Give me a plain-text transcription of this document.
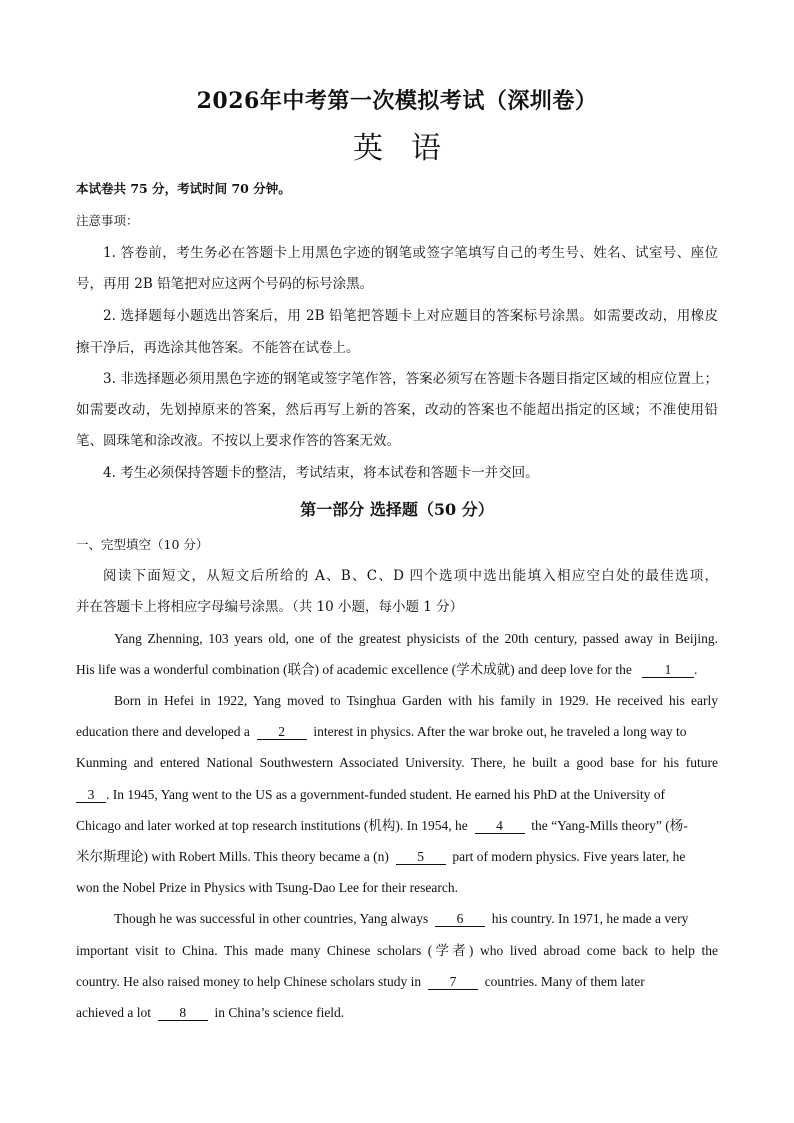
2026年中考第一次模拟考试（深圳卷）
英语
本试卷共 75 分，考试时间 70 分钟。
注意事项：
1. 答卷前，考生务必在答题卡上用黑色字迹的钢笔或签字笔填写自己的考生号、姓名、试室号、座位
号，再用 2B 铅笔把对应这两个号码的标号涂黑。
2. 选择题每小题选出答案后，用 2B 铅笔把答题卡上对应题目的答案标号涂黑。如需要改动，用橡皮
擦干净后，再选涂其他答案。不能答在试卷上。
3. 非选择题必须用黑色字迹的钢笔或签字笔作答，答案必须写在答题卡各题目指定区域的相应位置上；
如需要改动，先划掉原来的答案，然后再写上新的答案，改动的答案也不能超出指定的区域；不准使用铅
笔、圆珠笔和涂改液。不按以上要求作答的答案无效。
4. 考生必须保持答题卡的整洁，考试结束，将本试卷和答题卡一并交回。
第一部分 选择题（50 分）
一、完型填空（10 分）
阅读下面短文，从短文后所给的 A、B、C、D 四个选项中选出能填入相应空白处的最佳选项，
并在答题卡上将相应字母编号涂黑。（共 10 小题，每小题 1 分）
Yang Zhenning, 103 years old, one of the greatest physicists of the 20th century, passed away in Beijing.
His life was a wonderful combination (联合) of academic excellence (学术成就) and deep love for the 1 .
Born in Hefei in 1922, Yang moved to Tsinghua Garden with his family in 1929. He received his early
education there and developed a 2 interest in physics. After the war broke out, he traveled a long way to
Kunming and entered National Southwestern Associated University. There, he built a good base for his future
3 . In 1945, Yang went to the US as a government-funded student. He earned his PhD at the University of
Chicago and later worked at top research institutions (机构). In 1954, he 4 the “Yang-Mills theory” (杨-
米尔斯理论) with Robert Mills. This theory became a (n) 5 part of modern physics. Five years later, he
won the Nobel Prize in Physics with Tsung-Dao Lee for their research.
Though he was successful in other countries, Yang always 6 his country. In 1971, he made a very
important visit to China. This made many Chinese scholars (学者) who lived abroad come back to help the
country. He also raised money to help Chinese scholars study in 7 countries. Many of them later
achieved a lot 8 in China’s science field.
